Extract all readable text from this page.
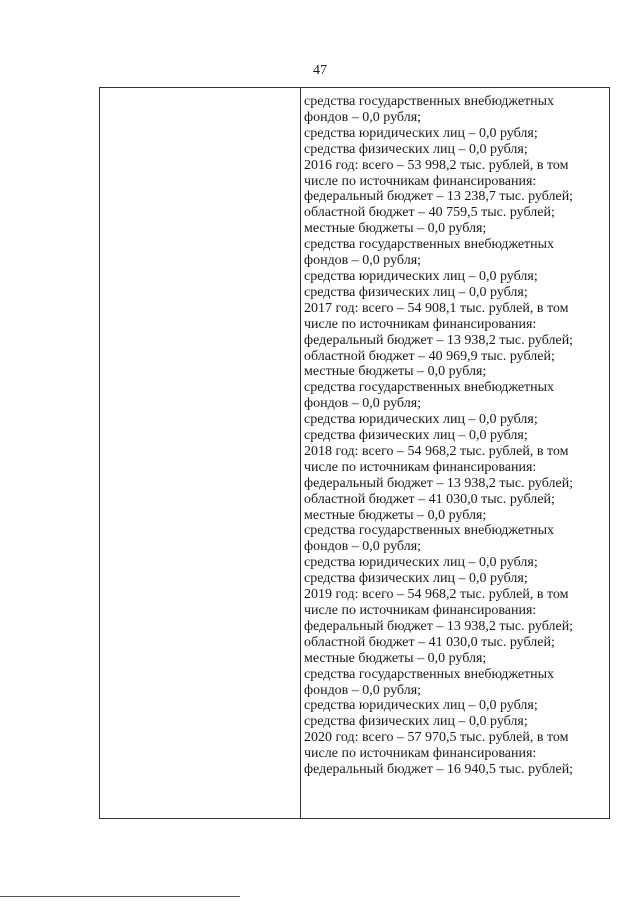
47
средства государственных внебюджетных
фондов – 0,0 рубля;
средства юридических лиц – 0,0 рубля;
средства физических лиц – 0,0 рубля;
2016 год: всего – 53 998,2 тыс. рублей, в том
числе по источникам финансирования:
федеральный бюджет – 13 238,7 тыс. рублей;
областной бюджет – 40 759,5 тыс. рублей;
местные бюджеты – 0,0 рубля;
средства государственных внебюджетных
фондов – 0,0 рубля;
средства юридических лиц – 0,0 рубля;
средства физических лиц – 0,0 рубля;
2017 год: всего – 54 908,1 тыс. рублей, в том
числе по источникам финансирования:
федеральный бюджет – 13 938,2 тыс. рублей;
областной бюджет – 40 969,9 тыс. рублей;
местные бюджеты – 0,0 рубля;
средства государственных внебюджетных
фондов – 0,0 рубля;
средства юридических лиц – 0,0 рубля;
средства физических лиц – 0,0 рубля;
2018 год: всего – 54 968,2 тыс. рублей, в том
числе по источникам финансирования:
федеральный бюджет – 13 938,2 тыс. рублей;
областной бюджет – 41 030,0 тыс. рублей;
местные бюджеты – 0,0 рубля;
средства государственных внебюджетных
фондов – 0,0 рубля;
средства юридических лиц – 0,0 рубля;
средства физических лиц – 0,0 рубля;
2019 год: всего – 54 968,2 тыс. рублей, в том
числе по источникам финансирования:
федеральный бюджет – 13 938,2 тыс. рублей;
областной бюджет – 41 030,0 тыс. рублей;
местные бюджеты – 0,0 рубля;
средства государственных внебюджетных
фондов – 0,0 рубля;
средства юридических лиц – 0,0 рубля;
средства физических лиц – 0,0 рубля;
2020 год: всего – 57 970,5 тыс. рублей, в том
числе по источникам финансирования:
федеральный бюджет – 16 940,5 тыс. рублей;
